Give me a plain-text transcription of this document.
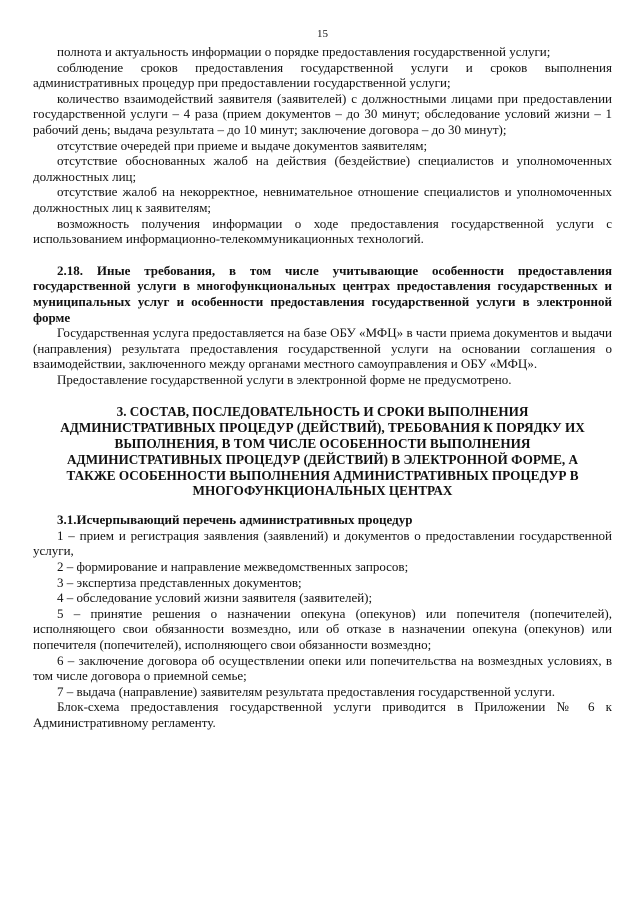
15

полнота и актуальность информации о порядке предоставления государственной услуги;

соблюдение сроков предоставления государственной услуги и сроков выполнения административных процедур при предоставлении государственной услуги;

количество взаимодействий заявителя (заявителей) с должностными лицами при предоставлении государственной услуги – 4 раза (прием документов – до 30 минут; обследование условий жизни – 1 рабочий день; выдача результата – до 10 минут; заключение договора – до 30 минут);

отсутствие очередей при приеме и выдаче документов заявителям;

отсутствие обоснованных жалоб на действия (бездействие) специалистов и уполномоченных должностных лиц;

отсутствие жалоб на некорректное, невнимательное отношение специалистов и уполномоченных должностных лиц к заявителям;

возможность получения информации о ходе предоставления государственной услуги с использованием информационно-телекоммуникационных технологий.

2.18. Иные требования, в том числе учитывающие особенности предоставления государственной услуги в многофункциональных центрах предоставления государственных и муниципальных услуг и особенности предоставления государственной услуги в электронной форме

Государственная услуга предоставляется на базе ОБУ «МФЦ» в части приема документов и выдачи (направления) результата предоставления государственной услуги на основании соглашения о взаимодействии, заключенного между органами местного самоуправления и ОБУ «МФЦ».

Предоставление государственной услуги в электронной форме не предусмотрено.

3. СОСТАВ, ПОСЛЕДОВАТЕЛЬНОСТЬ И СРОКИ ВЫПОЛНЕНИЯ АДМИНИСТРАТИВНЫХ ПРОЦЕДУР (ДЕЙСТВИЙ), ТРЕБОВАНИЯ К ПОРЯДКУ ИХ ВЫПОЛНЕНИЯ, В ТОМ ЧИСЛЕ ОСОБЕННОСТИ ВЫПОЛНЕНИЯ АДМИНИСТРАТИВНЫХ ПРОЦЕДУР (ДЕЙСТВИЙ) В ЭЛЕКТРОННОЙ ФОРМЕ, А ТАКЖЕ ОСОБЕННОСТИ ВЫПОЛНЕНИЯ АДМИНИСТРАТИВНЫХ ПРОЦЕДУР В МНОГОФУНКЦИОНАЛЬНЫХ ЦЕНТРАХ

3.1.Исчерпывающий перечень административных процедур

1 – прием и регистрация заявления (заявлений) и документов о предоставлении государственной услуги,

2 – формирование и направление межведомственных запросов;

3 – экспертиза представленных документов;

4 – обследование условий жизни заявителя (заявителей);

5 – принятие решения о назначении опекуна (опекунов) или попечителя (попечителей), исполняющего свои обязанности возмездно, или об отказе в назначении опекуна (опекунов) или попечителя (попечителей), исполняющего свои обязанности возмездно;

6 – заключение договора об осуществлении опеки или попечительства на возмездных условиях, в том числе договора о приемной семье;

7 – выдача (направление) заявителям результата предоставления государственной услуги.

Блок-схема предоставления государственной услуги приводится в Приложении № 6 к Административному регламенту.
